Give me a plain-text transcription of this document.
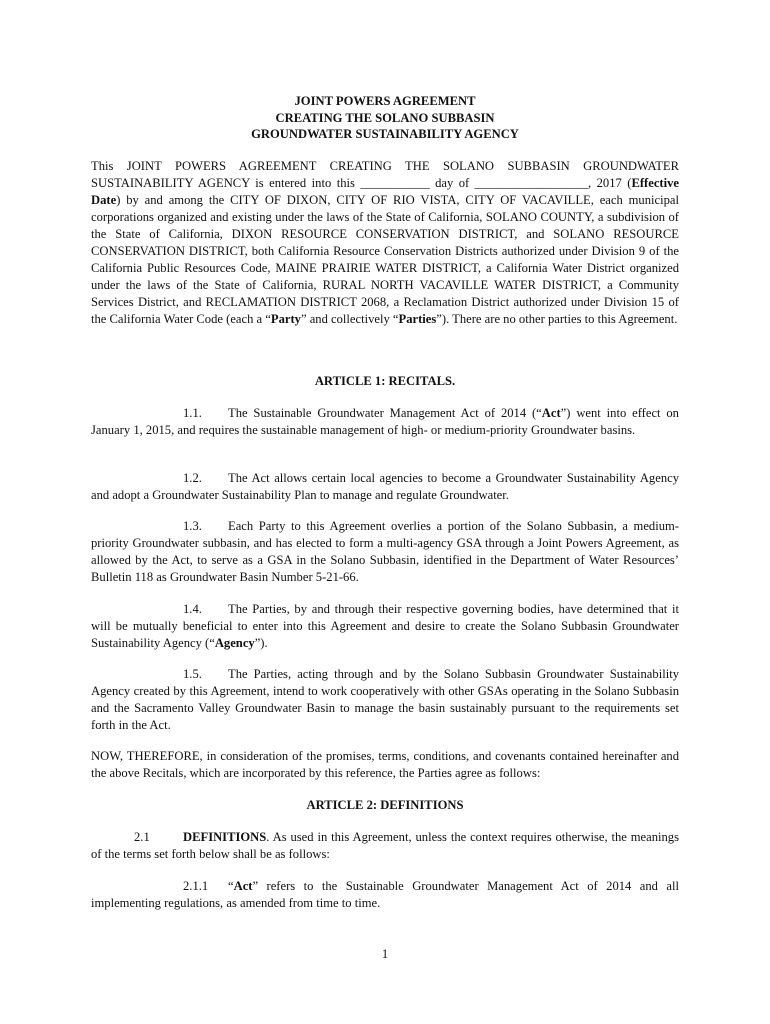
JOINT POWERS AGREEMENT
CREATING THE SOLANO SUBBASIN
GROUNDWATER SUSTAINABILITY AGENCY
This JOINT POWERS AGREEMENT CREATING THE SOLANO SUBBASIN GROUNDWATER SUSTAINABILITY AGENCY is entered into this ___________ day of __________________, 2017 (Effective Date) by and among the CITY OF DIXON, CITY OF RIO VISTA, CITY OF VACAVILLE, each municipal corporations organized and existing under the laws of the State of California, SOLANO COUNTY, a subdivision of the State of California, DIXON RESOURCE CONSERVATION DISTRICT, and SOLANO RESOURCE CONSERVATION DISTRICT, both California Resource Conservation Districts authorized under Division 9 of the California Public Resources Code, MAINE PRAIRIE WATER DISTRICT, a California Water District organized under the laws of the State of California, RURAL NORTH VACAVILLE WATER DISTRICT, a Community Services District, and RECLAMATION DISTRICT 2068, a Reclamation District authorized under Division 15 of the California Water Code (each a “Party” and collectively “Parties”). There are no other parties to this Agreement.
ARTICLE 1: RECITALS.
1.1. The Sustainable Groundwater Management Act of 2014 (“Act”) went into effect on January 1, 2015, and requires the sustainable management of high- or medium-priority Groundwater basins.
1.2. The Act allows certain local agencies to become a Groundwater Sustainability Agency and adopt a Groundwater Sustainability Plan to manage and regulate Groundwater.
1.3. Each Party to this Agreement overlies a portion of the Solano Subbasin, a medium-priority Groundwater subbasin, and has elected to form a multi-agency GSA through a Joint Powers Agreement, as allowed by the Act, to serve as a GSA in the Solano Subbasin, identified in the Department of Water Resources’ Bulletin 118 as Groundwater Basin Number 5-21-66.
1.4. The Parties, by and through their respective governing bodies, have determined that it will be mutually beneficial to enter into this Agreement and desire to create the Solano Subbasin Groundwater Sustainability Agency (“Agency”).
1.5. The Parties, acting through and by the Solano Subbasin Groundwater Sustainability Agency created by this Agreement, intend to work cooperatively with other GSAs operating in the Solano Subbasin and the Sacramento Valley Groundwater Basin to manage the basin sustainably pursuant to the requirements set forth in the Act.
NOW, THEREFORE, in consideration of the promises, terms, conditions, and covenants contained hereinafter and the above Recitals, which are incorporated by this reference, the Parties agree as follows:
ARTICLE 2: DEFINITIONS
2.1	DEFINITIONS. As used in this Agreement, unless the context requires otherwise, the meanings of the terms set forth below shall be as follows:
2.1.1 “Act” refers to the Sustainable Groundwater Management Act of 2014 and all implementing regulations, as amended from time to time.
1
